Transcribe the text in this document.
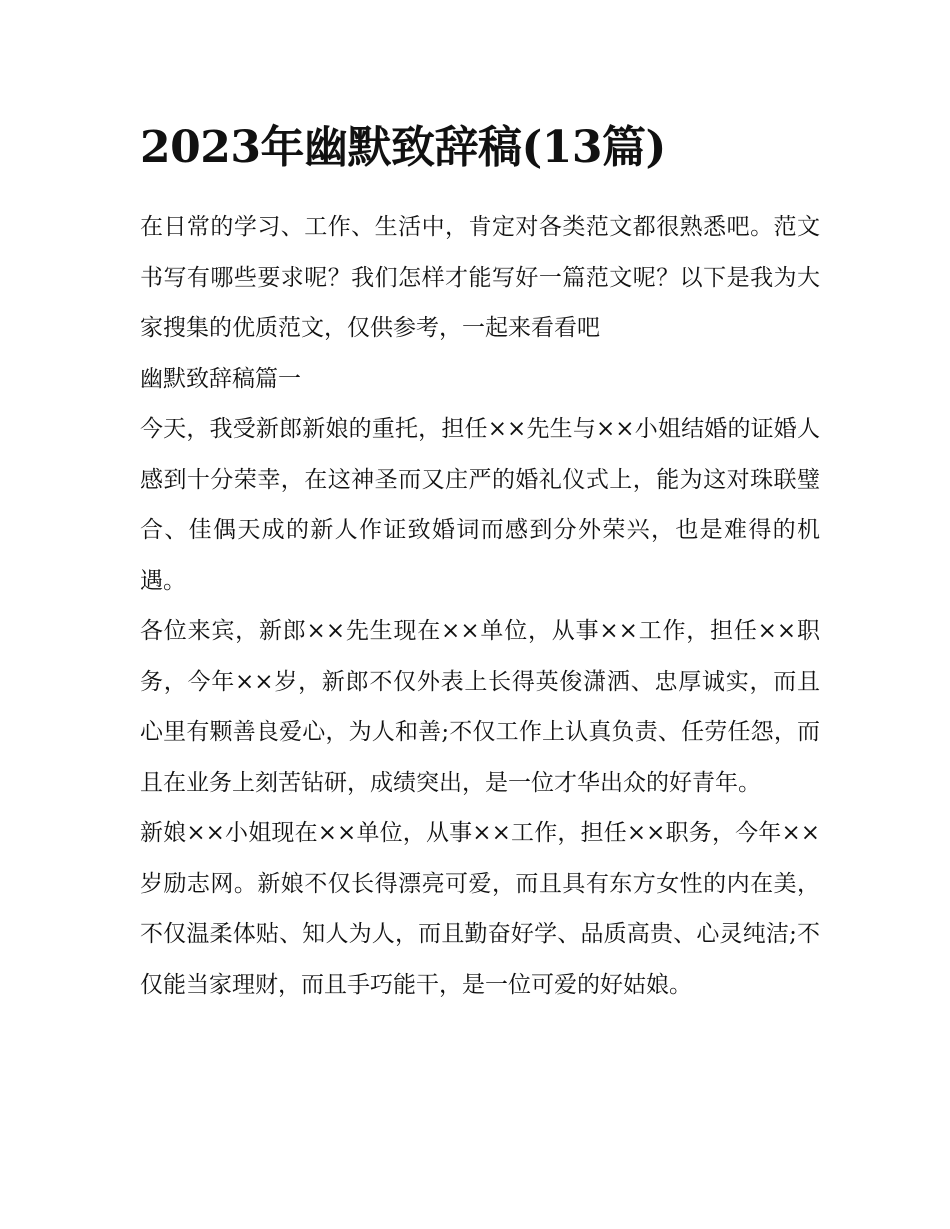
2023年幽默致辞稿(13篇)

在日常的学习、工作、生活中，肯定对各类范文都很熟悉吧。范文书写有哪些要求呢？我们怎样才能写好一篇范文呢？以下是我为大家搜集的优质范文，仅供参考，一起来看看吧

幽默致辞稿篇一

今天，我受新郎新娘的重托，担任××先生与××小姐结婚的证婚人感到十分荣幸，在这神圣而又庄严的婚礼仪式上，能为这对珠联璧合、佳偶天成的新人作证致婚词而感到分外荣兴，也是难得的机遇。

各位来宾，新郎××先生现在××单位，从事××工作，担任××职务，今年××岁，新郎不仅外表上长得英俊潇洒、忠厚诚实，而且心里有颗善良爱心，为人和善;不仅工作上认真负责、任劳任怨，而且在业务上刻苦钻研，成绩突出，是一位才华出众的好青年。

新娘××小姐现在××单位，从事××工作，担任××职务，今年××岁励志网。新娘不仅长得漂亮可爱，而且具有东方女性的内在美，不仅温柔体贴、知人为人，而且勤奋好学、品质高贵、心灵纯洁;不仅能当家理财，而且手巧能干，是一位可爱的好姑娘。
